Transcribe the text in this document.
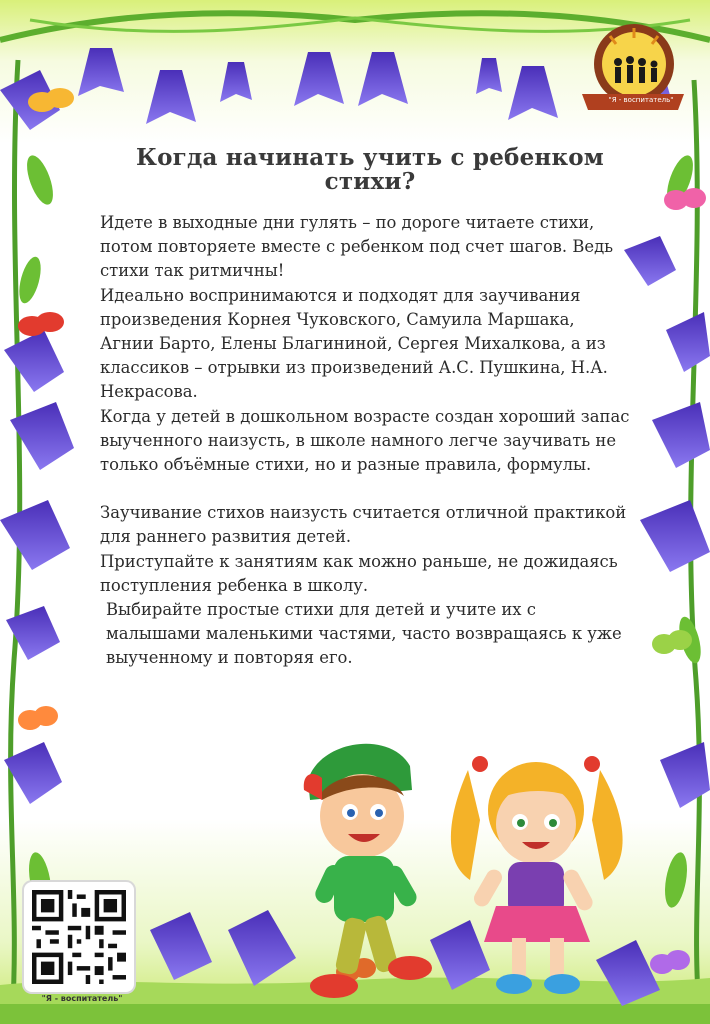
"Я - воспитатель"
Когда начинать учить с ребенком стихи?

Идете в выходные дни гулять – по дороге читаете стихи, потом повторяете вместе с ребенком под счет шагов. Ведь стихи так ритмичны!

Идеально воспринимаются и подходят для заучивания произведения Корнея Чуковского, Самуила Маршака, Агнии Барто, Елены Благининой, Сергея Михалкова, а из классиков – отрывки из произведений А.С. Пушкина, Н.А. Некрасова.

Когда у детей в дошкольном возрасте создан хороший запас выученного наизусть, в школе намного легче заучивать не только объёмные стихи, но и разные правила, формулы.

Заучивание стихов наизусть считается отличной практикой для раннего развития детей.

Приступайте к занятиям как можно раньше, не дожидаясь поступления ребенка в школу.

Выбирайте простые стихи для детей и учите их с малышами маленькими частями, часто возвращаясь к уже выученному и повторяя его.

"Я - воспитатель"
